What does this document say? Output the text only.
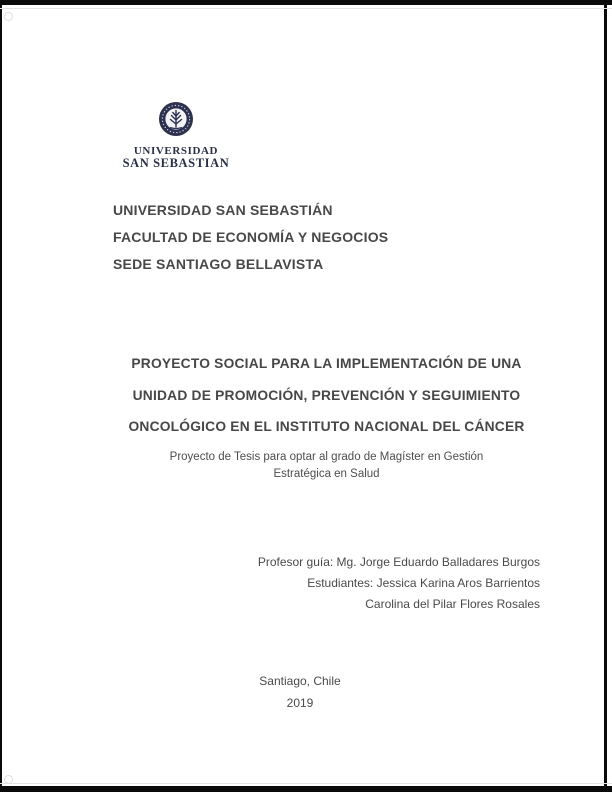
UNIVERSIDAD
SAN SEBASTIAN
UNIVERSIDAD SAN SEBASTIÁN
FACULTAD DE ECONOMÍA Y NEGOCIOS
SEDE SANTIAGO BELLAVISTA
PROYECTO SOCIAL PARA LA IMPLEMENTACIÓN DE UNA
UNIDAD DE PROMOCIÓN, PREVENCIÓN Y SEGUIMIENTO
ONCOLÓGICO EN EL INSTITUTO NACIONAL DEL CÁNCER
Proyecto de Tesis para optar al grado de Magíster en Gestión
Estratégica en Salud
Profesor guía: Mg. Jorge Eduardo Balladares Burgos
Estudiantes: Jessica Karina Aros Barrientos
Carolina del Pilar Flores Rosales
Santiago, Chile
2019
